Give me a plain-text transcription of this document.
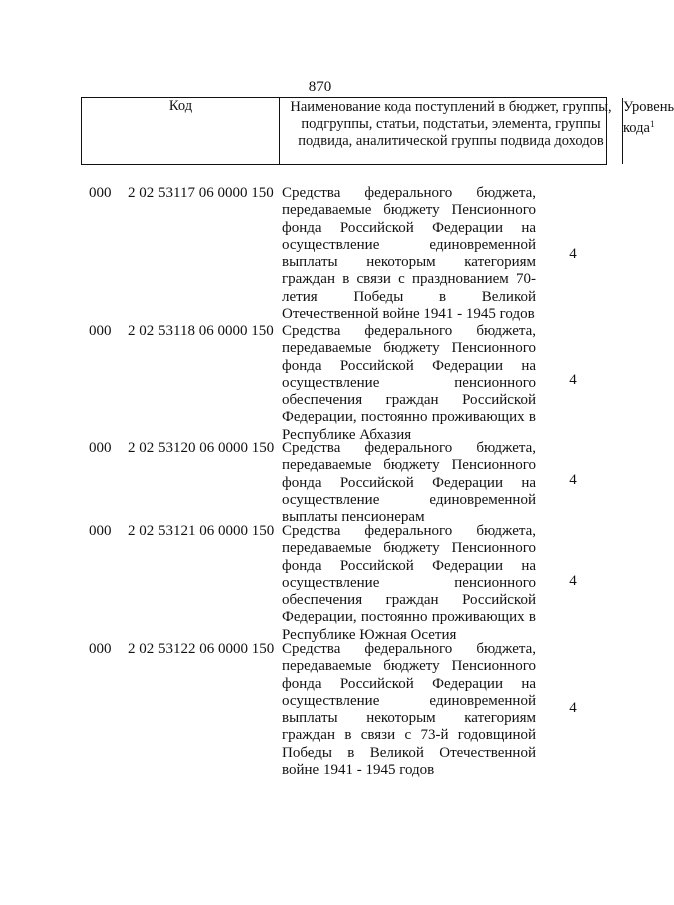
870
Код	Наименование кода поступлений в бюджет, группы, подгруппы, статьи, подстатьи, элемента, группы подвида, аналитической группы подвида доходов
Уровень кода$^1$
000 2 02 53117 06 0000 150 Средства федерального бюджета, передаваемые бюджету Пенсионного фонда Российской Федерации на осуществление единовременной выплаты некоторым категориям граждан в связи с празднованием 70-летия Победы в Великой Отечественной войне 1941 - 1945 годов
4
000 2 02 53118 06 0000 150 Средства федерального бюджета, передаваемые бюджету Пенсионного фонда Российской Федерации на осуществление пенсионного обеспечения граждан Российской Федерации, постоянно проживающих в Республике Абхазия
4
000 2 02 53120 06 0000 150 Средства федерального бюджета, передаваемые бюджету Пенсионного фонда Российской Федерации на осуществление единовременной выплаты пенсионерам
4
000 2 02 53121 06 0000 150 Средства федерального бюджета, передаваемые бюджету Пенсионного фонда Российской Федерации на осуществление пенсионного обеспечения граждан Российской Федерации, постоянно проживающих в Республике Южная Осетия
4
000 2 02 53122 06 0000 150 Средства федерального бюджета, передаваемые бюджету Пенсионного фонда Российской Федерации на осуществление единовременной выплаты некоторым категориям граждан в связи с 73-й годовщиной Победы в Великой Отечественной войне 1941 - 1945 годов
4
